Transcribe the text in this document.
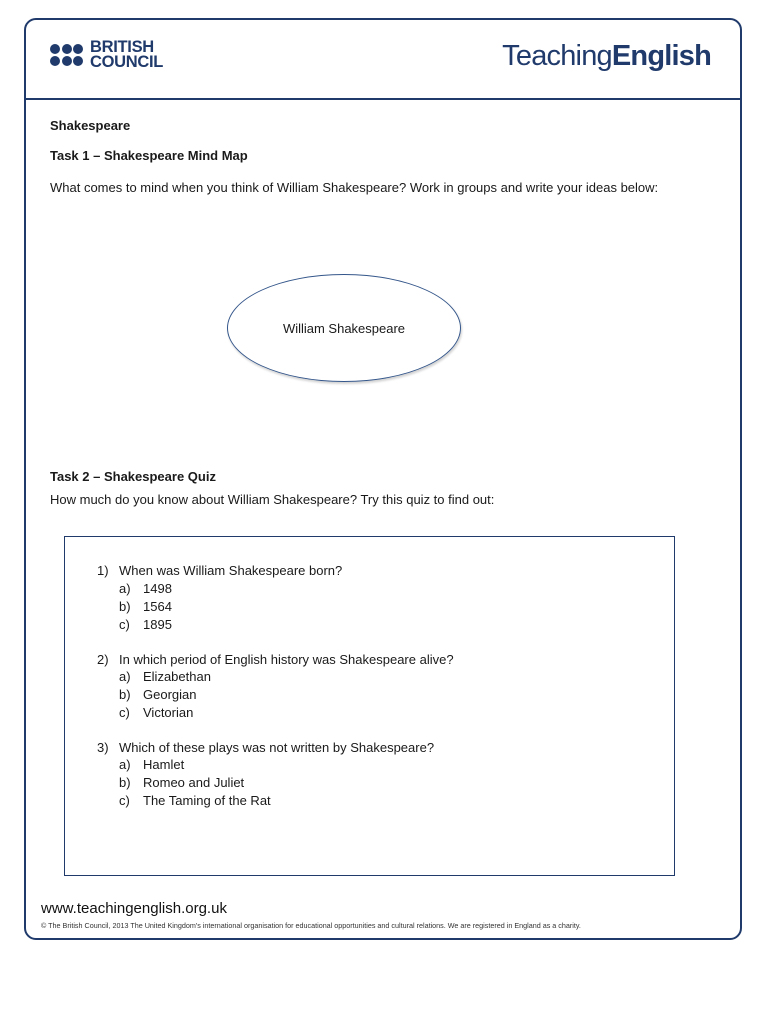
BRITISH
COUNCIL	TeachingEnglish
Shakespeare
Task 1 – Shakespeare Mind Map
What comes to mind when you think of William Shakespeare? Work in groups and write your ideas below:
William Shakespeare
Task 2 – Shakespeare Quiz
How much do you know about William Shakespeare? Try this quiz to find out:
1) When was William Shakespeare born?
a) 1498
b) 1564
c) 1895
2) In which period of English history was Shakespeare alive?
a) Elizabethan
b) Georgian
c) Victorian
3) Which of these plays was not written by Shakespeare?
a) Hamlet
b) Romeo and Juliet
c) The Taming of the Rat
www.teachingenglish.org.uk
© The British Council, 2013 The United Kingdom's international organisation for educational opportunities and cultural relations. We are registered in England as a charity.
